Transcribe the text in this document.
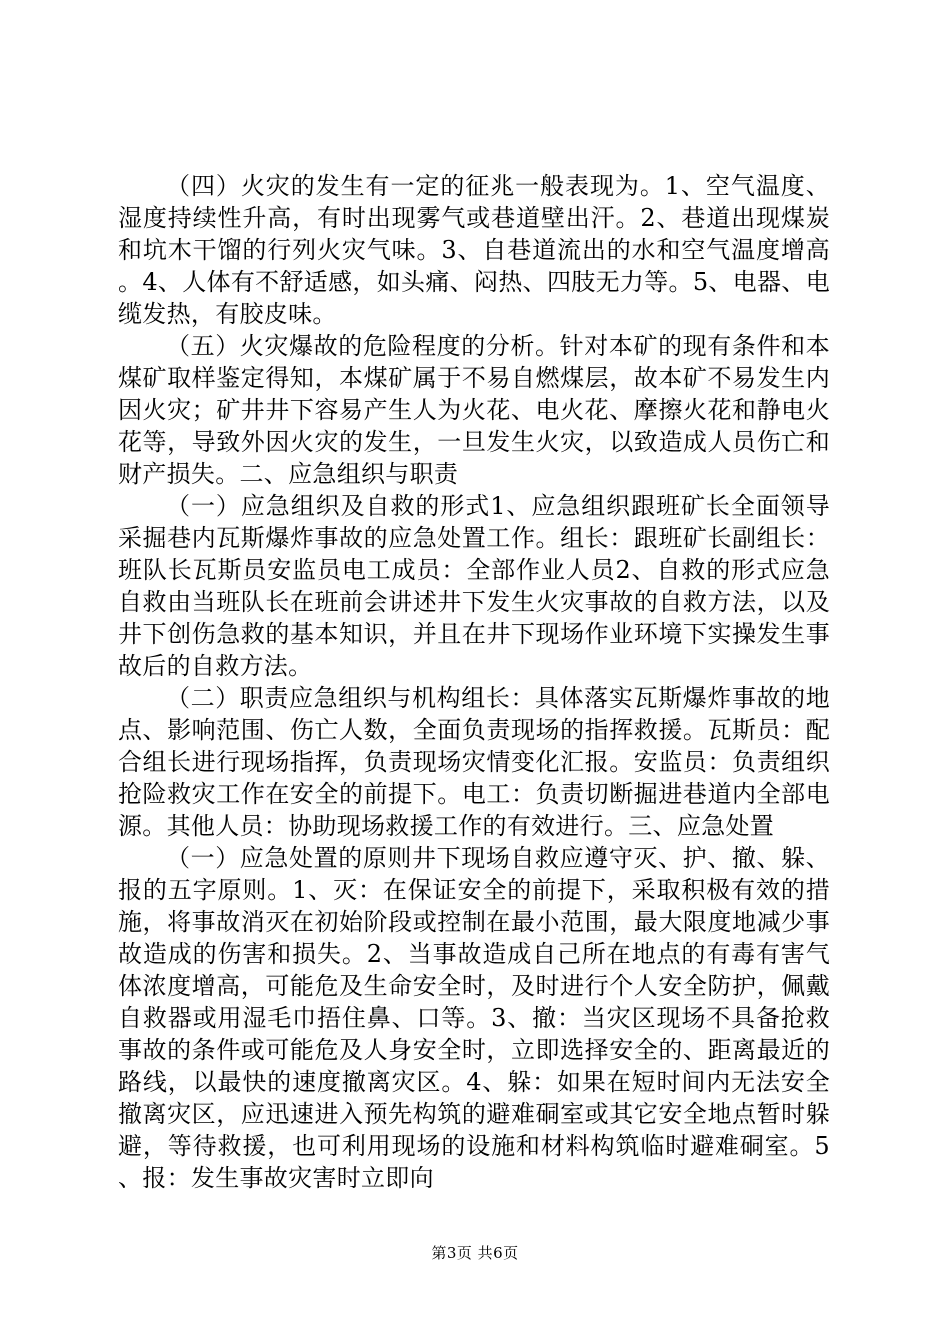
（四）火灾的发生有一定的征兆一般表现为。1、空气温度、湿度持续性升高，有时出现雾气或巷道壁出汗。2、巷道出现煤炭和坑木干馏的行列火灾气味。3、自巷道流出的水和空气温度增高。4、人体有不舒适感，如头痛、闷热、四肢无力等。5、电器、电缆发热，有胶皮味。

（五）火灾爆故的危险程度的分析。针对本矿的现有条件和本煤矿取样鉴定得知，本煤矿属于不易自燃煤层，故本矿不易发生内因火灾；矿井井下容易产生人为火花、电火花、摩擦火花和静电火花等，导致外因火灾的发生，一旦发生火灾，以致造成人员伤亡和财产损失。二、应急组织与职责

（一）应急组织及自救的形式1、应急组织跟班矿长全面领导采掘巷内瓦斯爆炸事故的应急处置工作。组长：跟班矿长副组长：班队长瓦斯员安监员电工成员：全部作业人员2、自救的形式应急自救由当班队长在班前会讲述井下发生火灾事故的自救方法，以及井下创伤急救的基本知识，并且在井下现场作业环境下实操发生事故后的自救方法。

（二）职责应急组织与机构组长：具体落实瓦斯爆炸事故的地点、影响范围、伤亡人数，全面负责现场的指挥救援。瓦斯员：配合组长进行现场指挥，负责现场灾情变化汇报。安监员：负责组织抢险救灾工作在安全的前提下。电工：负责切断掘进巷道内全部电源。其他人员：协助现场救援工作的有效进行。三、应急处置

（一）应急处置的原则井下现场自救应遵守灭、护、撤、躲、报的五字原则。1、灭：在保证安全的前提下，采取积极有效的措施，将事故消灭在初始阶段或控制在最小范围，最大限度地减少事故造成的伤害和损失。2、当事故造成自己所在地点的有毒有害气体浓度增高，可能危及生命安全时，及时进行个人安全防护，佩戴自救器或用湿毛巾捂住鼻、口等。3、撤：当灾区现场不具备抢救事故的条件或可能危及人身安全时，立即选择安全的、距离最近的路线，以最快的速度撤离灾区。4、躲：如果在短时间内无法安全撤离灾区，应迅速进入预先构筑的避难硐室或其它安全地点暂时躲避，等待救援，也可利用现场的设施和材料构筑临时避难硐室。5、报：发生事故灾害时立即向

第3页 共6页
